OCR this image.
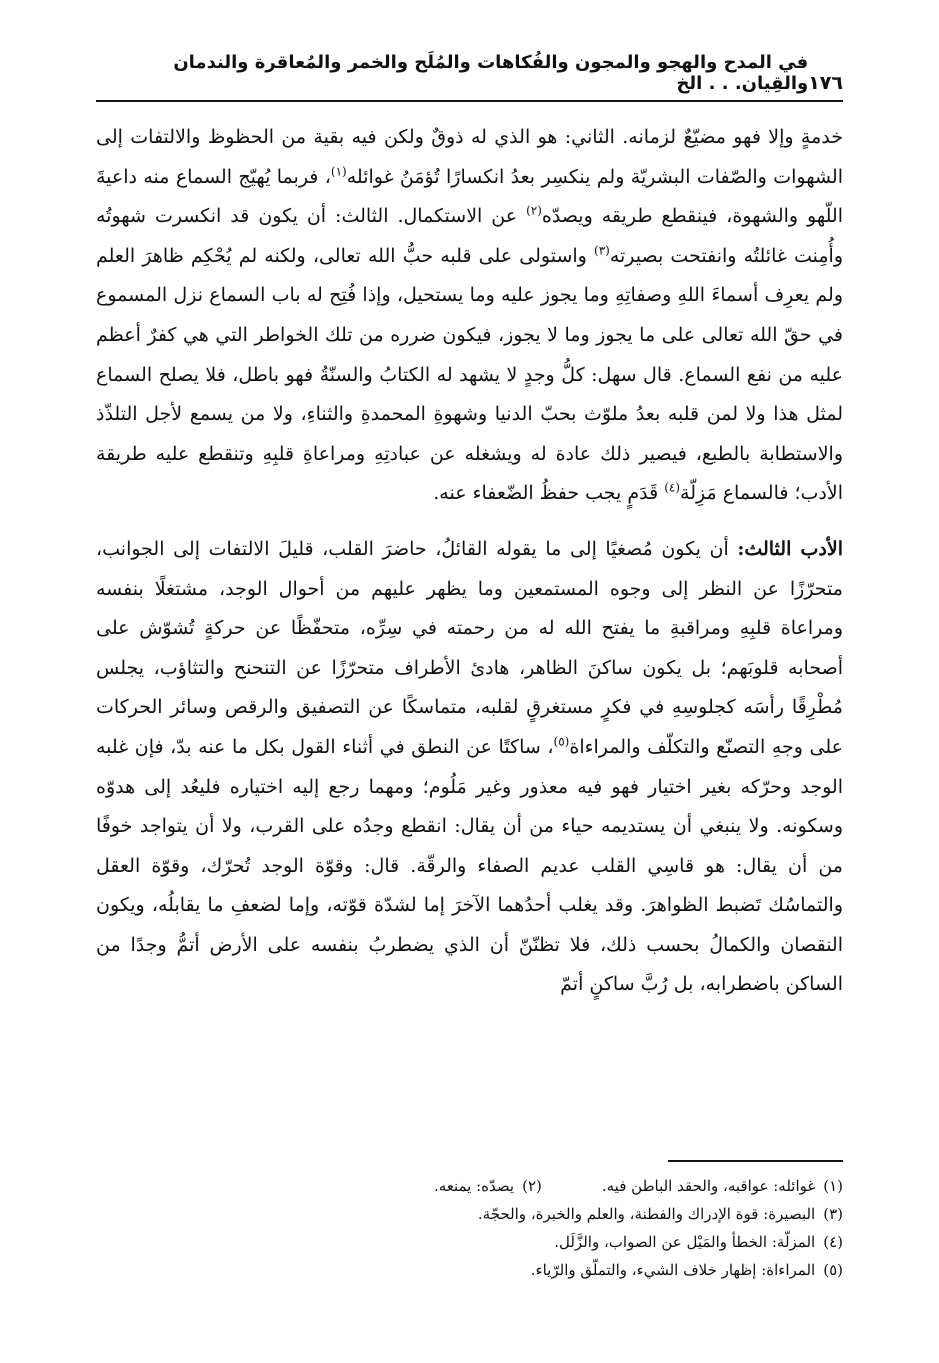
١٧٦
في المدح والهجو والمجون والفُكاهات والمُلَح والخمر والمُعاقرة والندمان والقِيان. . . الخ

خدمةٍ وإلا فهو مضيّعٌ لزمانه. الثاني: هو الذي له ذوقٌ ولكن فيه بقية من الحظوظ والالتفات إلى الشهوات والصّفات البشريّة ولم ينكسِر بعدُ انكسارًا تُؤمَنُ غوائله$^{(١)}$، فربما يُهيّج السماع منه داعيةَ اللّهو والشهوة، فينقطع طريقه ويصدّه$^{(٢)}$ عن الاستكمال. الثالث: أن يكون قد انكسرت شهوتُه وأُمِنت غائلتُه وانفتحت بصيرته$^{(٣)}$ واستولى على قلبه حبُّ الله تعالى، ولكنه لم يُحْكِم ظاهرَ العلم ولم يعرِف أسماءَ اللهِ وصفاتِهِ وما يجوز عليه وما يستحيل، وإذا فُتِح له باب السماع نزل المسموع في حقّ الله تعالى على ما يجوز وما لا يجوز، فيكون ضرره من تلك الخواطر التي هي كفرٌ أعظم عليه من نفع السماع. قال سهل: كلُّ وجدٍ لا يشهد له الكتابُ والسنّةُ فهو باطل، فلا يصلح السماع لمثل هذا ولا لمن قلبه بعدُ ملوّث بحبّ الدنيا وشهوةِ المحمدةِ والثناءِ، ولا من يسمع لأجل التلذّذ والاستطابة بالطبع، فيصير ذلك عادة له ويشغله عن عبادتِهِ ومراعاةِ قلبِهِ وتنقطع عليه طريقة الأدب؛ فالسماع مَزِلّة$^{(٤)}$ قَدَمٍ يجب حفظُ الضّعفاء عنه.

الأدب الثالث: أن يكون مُصغيًا إلى ما يقوله القائلُ، حاضرَ القلب، قليلَ الالتفات إلى الجوانب، متحرّزًا عن النظر إلى وجوه المستمعين وما يظهر عليهم من أحوال الوجد، مشتغلًا بنفسه ومراعاة قلبِهِ ومراقبةِ ما يفتح الله له من رحمته في سِرِّه، متحفّظًا عن حركةٍ تُشوّش على أصحابه قلوبَهم؛ بل يكون ساكنَ الظاهر، هادئ الأطراف متحرّزًا عن التنحنح والتثاؤب، يجلس مُطْرِقًا رأسَه كجلوسِهِ في فكرٍ مستغرقٍ لقلبه، متماسكًا عن التصفيق والرقص وسائر الحركات على وجهِ التصنّع والتكلّف والمراءاة$^{(٥)}$، ساكتًا عن النطق في أثناء القول بكل ما عنه بدّ، فإن غلبه الوجد وحرّكه بغير اختيار فهو فيه معذور وغير مَلُوم؛ ومهما رجع إليه اختياره فليعُد إلى هدوّه وسكونه. ولا ينبغي أن يستديمه حياء من أن يقال: انقطع وجدُه على القرب، ولا أن يتواجد خوفًا من أن يقال: هو قاسِي القلب عديم الصفاء والرقّة. قال: وقوّة الوجد تُحرّك، وقوّة العقل والتماسُك تَضبط الظواهرَ. وقد يغلب أحدُهما الآخرَ إما لشدّة قوّته، وإما لضعفِ ما يقابلُه، ويكون النقصان والكمالُ بحسب ذلك، فلا تظنّنّ أن الذي يضطربُ بنفسه على الأرض أتمُّ وجدًا من الساكن باضطرابه، بل رُبَّ ساكنٍ أتمّ

(١)غوائله: عواقبه، والحقد الباطن فيه.
(٢)يصدّه: يمنعه.
(٣)البصيرة: قوة الإدراك والفطنة، والعلم والخبرة، والحجّة.
(٤)المزلّة: الخطأ والمَيْل عن الصواب، والزَّلَل.
(٥)المراءاة: إظهار خلاف الشيء، والتملّق والرّياء.
